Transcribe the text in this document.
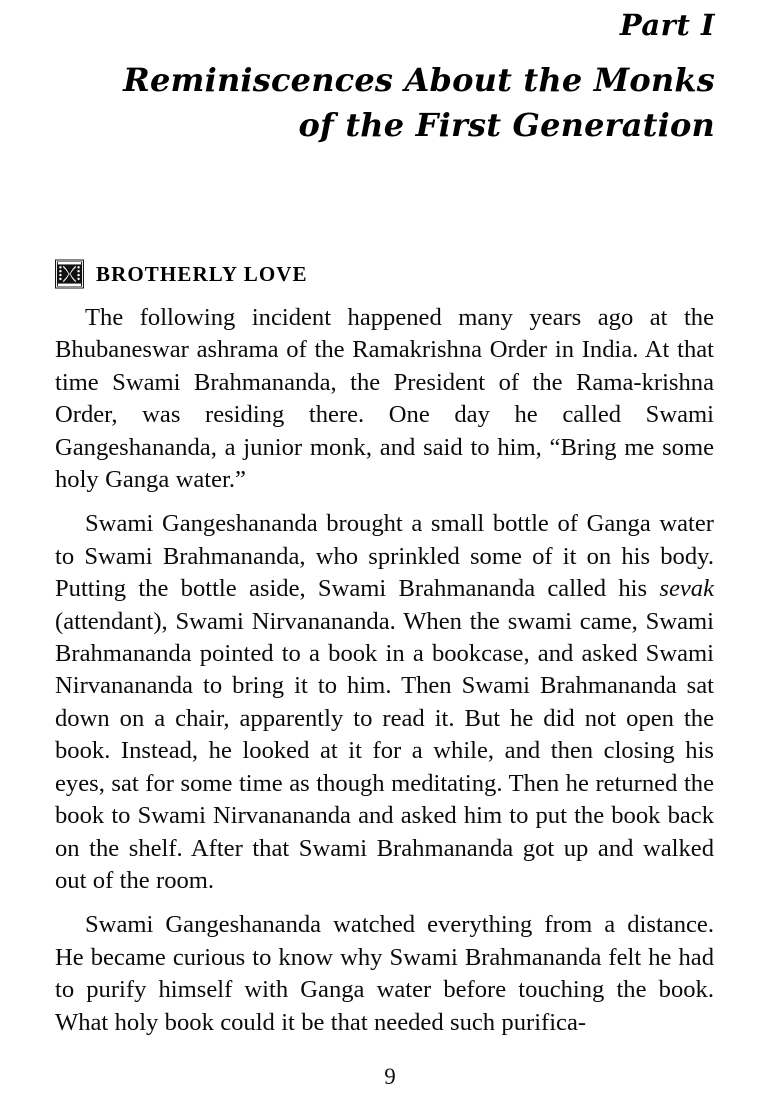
Part I
Reminiscences About the Monks
of the First Generation
BROTHERLY LOVE

The following incident happened many years ago at the Bhubaneswar ashrama of the Ramakrishna Order in India. At that time Swami Brahmananda, the President of the Rama-krishna Order, was residing there. One day he called Swami Gangeshananda, a junior monk, and said to him, “Bring me some holy Ganga water.”

Swami Gangeshananda brought a small bottle of Ganga water to Swami Brahmananda, who sprinkled some of it on his body. Putting the bottle aside, Swami Brahmananda called his sevak (attendant), Swami Nirvanananda. When the swami came, Swami Brahmananda pointed to a book in a bookcase, and asked Swami Nirvanananda to bring it to him. Then Swami Brahmananda sat down on a chair, apparently to read it. But he did not open the book. Instead, he looked at it for a while, and then closing his eyes, sat for some time as though meditating. Then he returned the book to Swami Nirvanananda and asked him to put the book back on the shelf. After that Swami Brahmananda got up and walked out of the room.

Swami Gangeshananda watched everything from a distance. He became curious to know why Swami Brahmananda felt he had to purify himself with Ganga water before touching the book. What holy book could it be that needed such purifica-

9
